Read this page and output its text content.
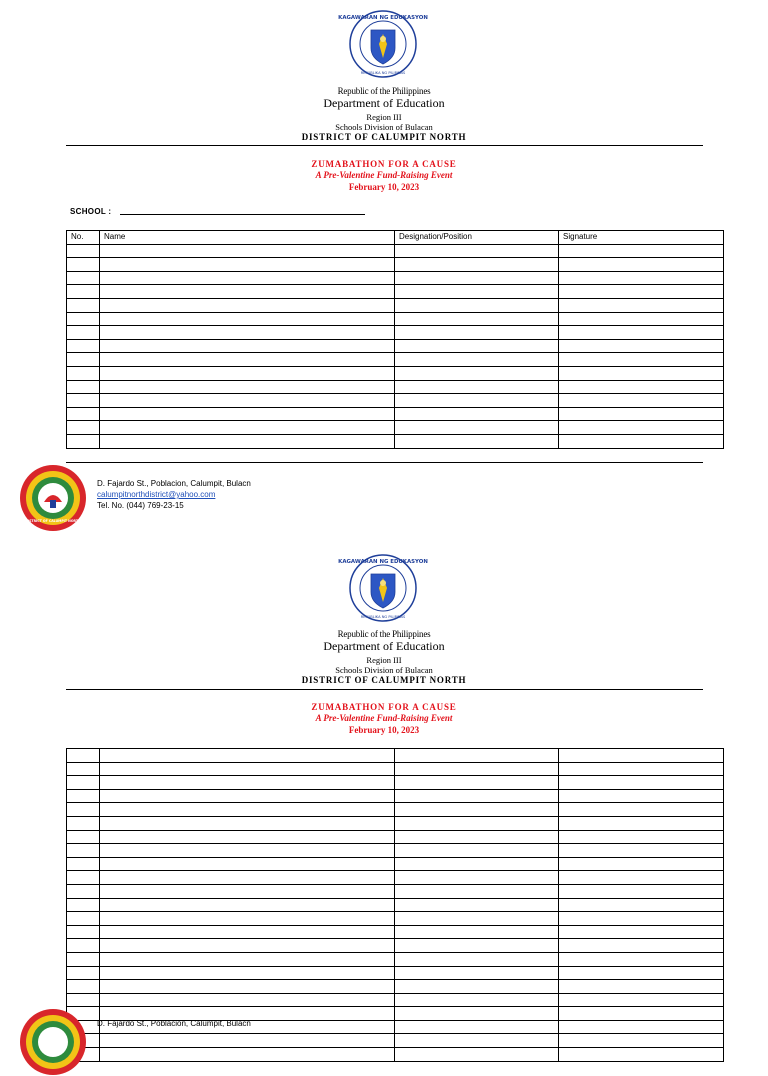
KAGAWARAN NG EDUKASYON
REPUBLIKA NG PILIPINAS
Republic of the Philippines
Department of Education
Region III
Schools Division of Bulacan
DISTRICT OF CALUMPIT NORTH
ZUMABATHON FOR A CAUSE
A Pre-Valentine Fund-Raising Event
February 10, 2023
SCHOOL :
No.	Name	Designation/Position	Signature

DISTRICT OF CALUMPIT NORTH
D. Fajardo St., Poblacion, Calumpit, Bulacn
calumpitnorthdistrict@yahoo.com
Tel. No. (044) 769-23-15
KAGAWARAN NG EDUKASYON
REPUBLIKA NG PILIPINAS
Republic of the Philippines
Department of Education
Region III
Schools Division of Bulacan
DISTRICT OF CALUMPIT NORTH
ZUMABATHON FOR A CAUSE
A Pre-Valentine Fund-Raising Event
February 10, 2023

D. Fajardo St., Poblacion, Calumpit, Bulacn
